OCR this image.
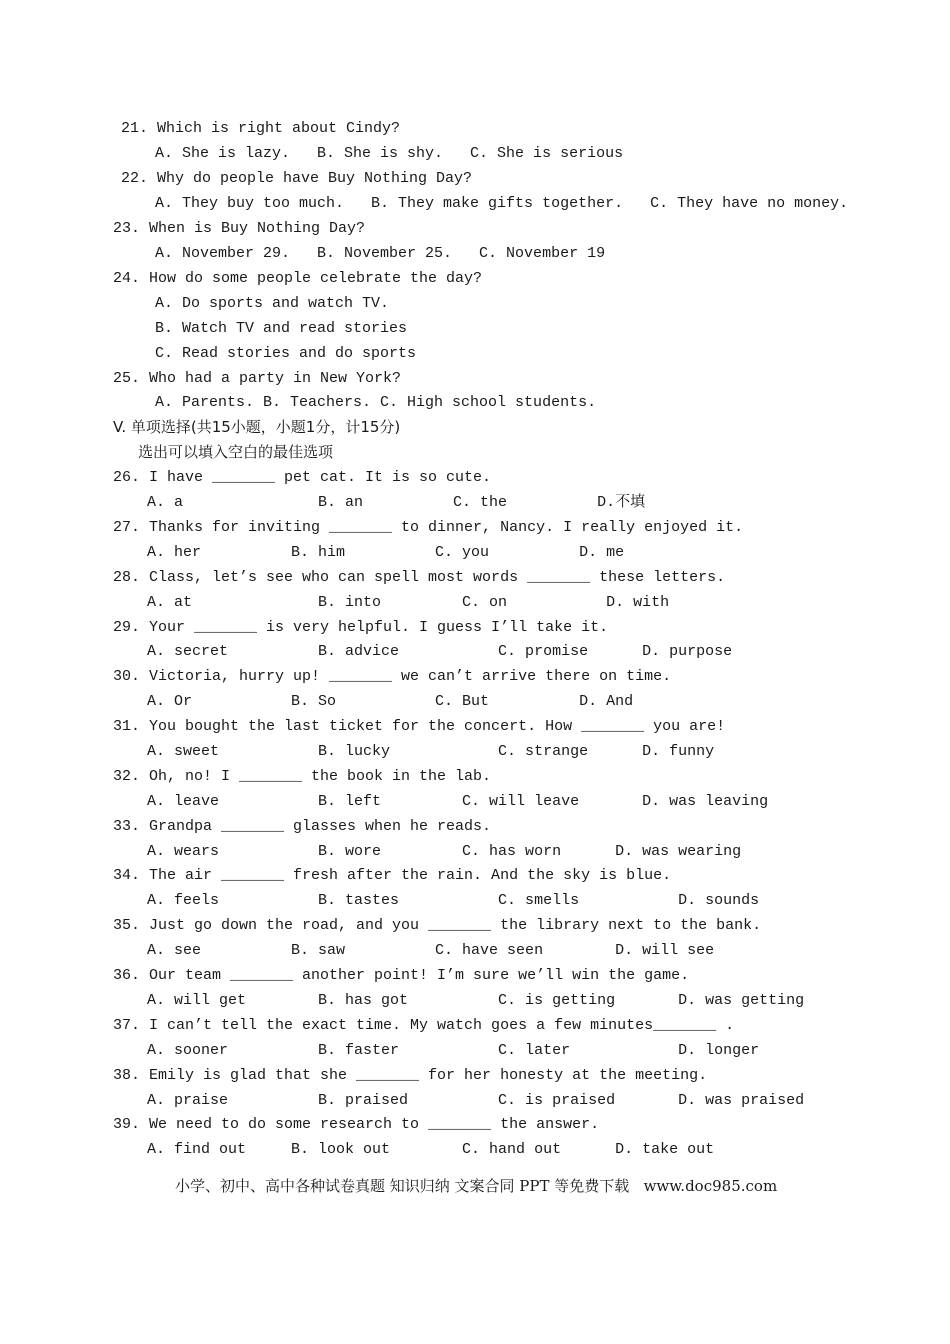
21. Which is right about Cindy?
A. She is lazy.   B. She is shy.   C. She is serious
22. Why do people have Buy Nothing Day?
A. They buy too much.   B. They make gifts together.   C. They have no money.
23. When is Buy Nothing Day?
A. November 29.   B. November 25.   C. November 19
24. How do some people celebrate the day?
A. Do sports and watch TV.
B. Watch TV and read stories
C. Read stories and do sports
25. Who had a party in New York?
A. Parents. B. Teachers. C. High school students.
V. 单项选择(共15小题，小题1分，计15分)
选出可以填入空白的最佳选项
26. I have _______ pet cat. It is so cute.
A. a               B. an          C. the          D.不填
27. Thanks for inviting _______ to dinner, Nancy. I really enjoyed it.
A. her          B. him          C. you          D. me
28. Class, let’s see who can spell most words _______ these letters.
A. at              B. into         C. on           D. with
29. Your _______ is very helpful. I guess I’ll take it.
A. secret          B. advice           C. promise      D. purpose
30. Victoria, hurry up! _______ we can’t arrive there on time.
A. Or           B. So           C. But          D. And
31. You bought the last ticket for the concert. How _______ you are!
A. sweet           B. lucky            C. strange      D. funny
32. Oh, no! I _______ the book in the lab.
A. leave           B. left         C. will leave       D. was leaving
33. Grandpa _______ glasses when he reads.
A. wears           B. wore         C. has worn      D. was wearing
34. The air _______ fresh after the rain. And the sky is blue.
A. feels           B. tastes           C. smells           D. sounds
35. Just go down the road, and you _______ the library next to the bank.
A. see          B. saw          C. have seen        D. will see
36. Our team _______ another point! I’m sure we’ll win the game.
A. will get        B. has got          C. is getting       D. was getting
37. I can’t tell the exact time. My watch goes a few minutes_______ .
A. sooner          B. faster           C. later            D. longer
38. Emily is glad that she _______ for her honesty at the meeting.
A. praise          B. praised          C. is praised       D. was praised
39. We need to do some research to _______ the answer.
A. find out     B. look out        C. hand out      D. take out
小学、初中、高中各种试卷真题 知识归纳 文案合同 PPT 等免费下载   www.doc985.com
